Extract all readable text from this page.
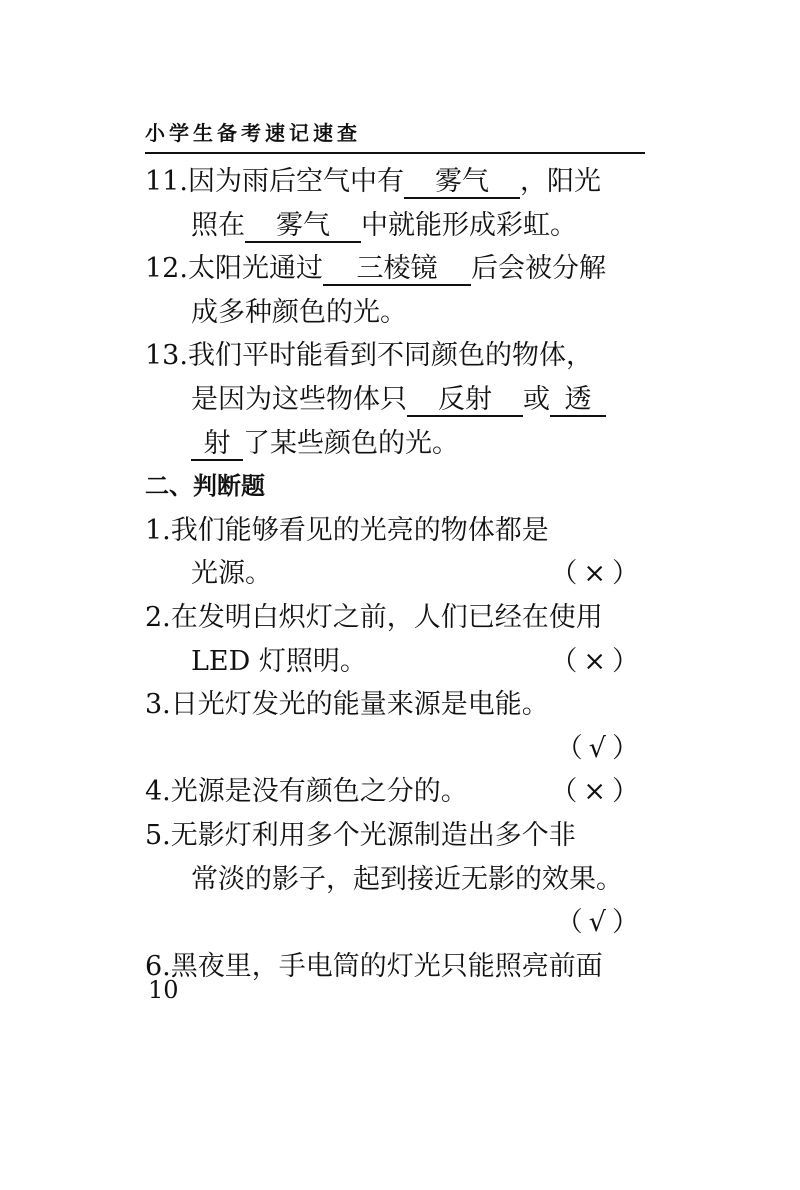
小学生备考速记速查
11.因为雨后空气中有 雾气 ，阳光
照在 雾气 中就能形成彩虹。
12.太阳光通过 三棱镜 后会被分解
成多种颜色的光。
13.我们平时能看到不同颜色的物体，
是因为这些物体只 反射 或 透
射 了某些颜色的光。
二、判断题
1.我们能够看见的光亮的物体都是
光源。	（×）
2.在发明白炽灯之前，人们已经在使用
LED 灯照明。	（×）
3.日光灯发光的能量来源是电能。
（√）
4.光源是没有颜色之分的。	（×）
5.无影灯利用多个光源制造出多个非
常淡的影子，起到接近无影的效果。
（√）
6.黑夜里，手电筒的灯光只能照亮前面
10
